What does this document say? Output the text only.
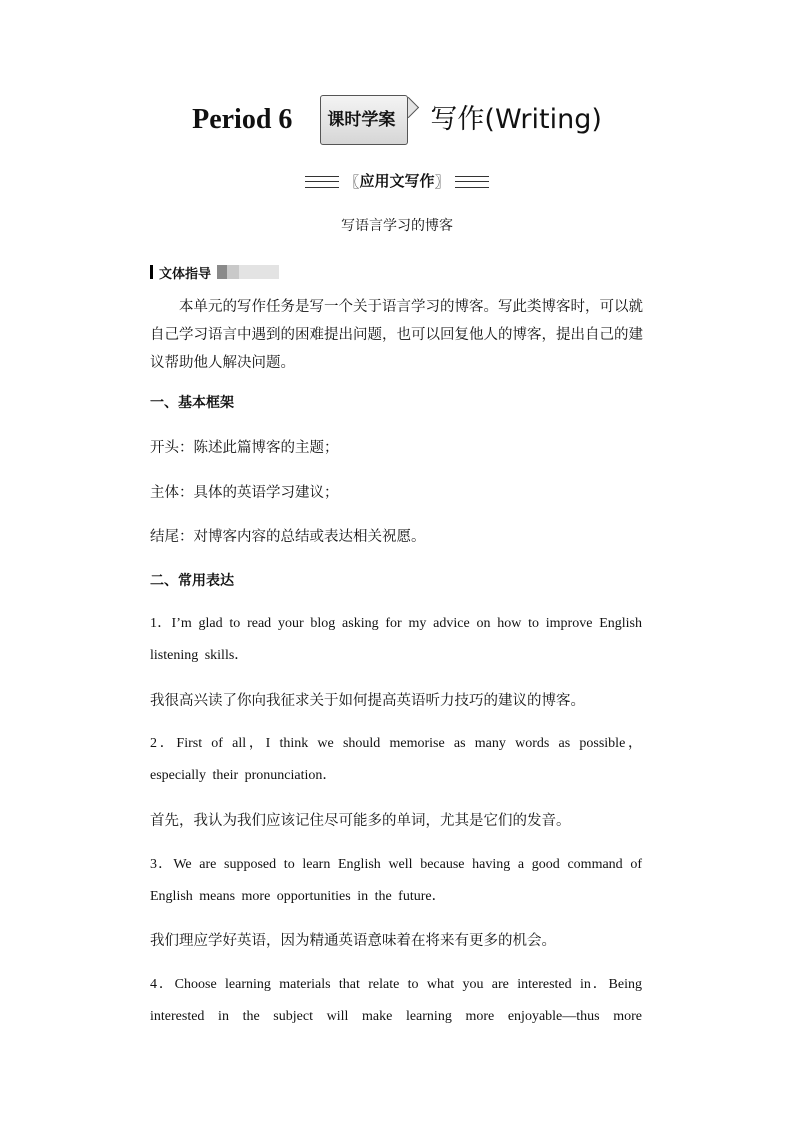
Period 6 课时学案 写作(Writing)
〖应用文写作〗
写语言学习的博客
文体指导
本单元的写作任务是写一个关于语言学习的博客。写此类博客时，可以就自己学习语言中遇到的困难提出问题，也可以回复他人的博客，提出自己的建议帮助他人解决问题。
一、基本框架
开头：陈述此篇博客的主题；
主体：具体的英语学习建议；
结尾：对博客内容的总结或表达相关祝愿。
二、常用表达
1．I’m glad to read your blog asking for my advice on how to improve English listening skills．
我很高兴读了你向我征求关于如何提高英语听力技巧的建议的博客。
2．First of all，I think we should memorise as many words as possible，especially their pronunciation．
首先，我认为我们应该记住尽可能多的单词，尤其是它们的发音。
3．We are supposed to learn English well because having a good command of English means more opportunities in the future．
我们理应学好英语，因为精通英语意味着在将来有更多的机会。
4．Choose learning materials that relate to what you are interested in．Being interested in the subject will make learning more enjoyable—thus more
